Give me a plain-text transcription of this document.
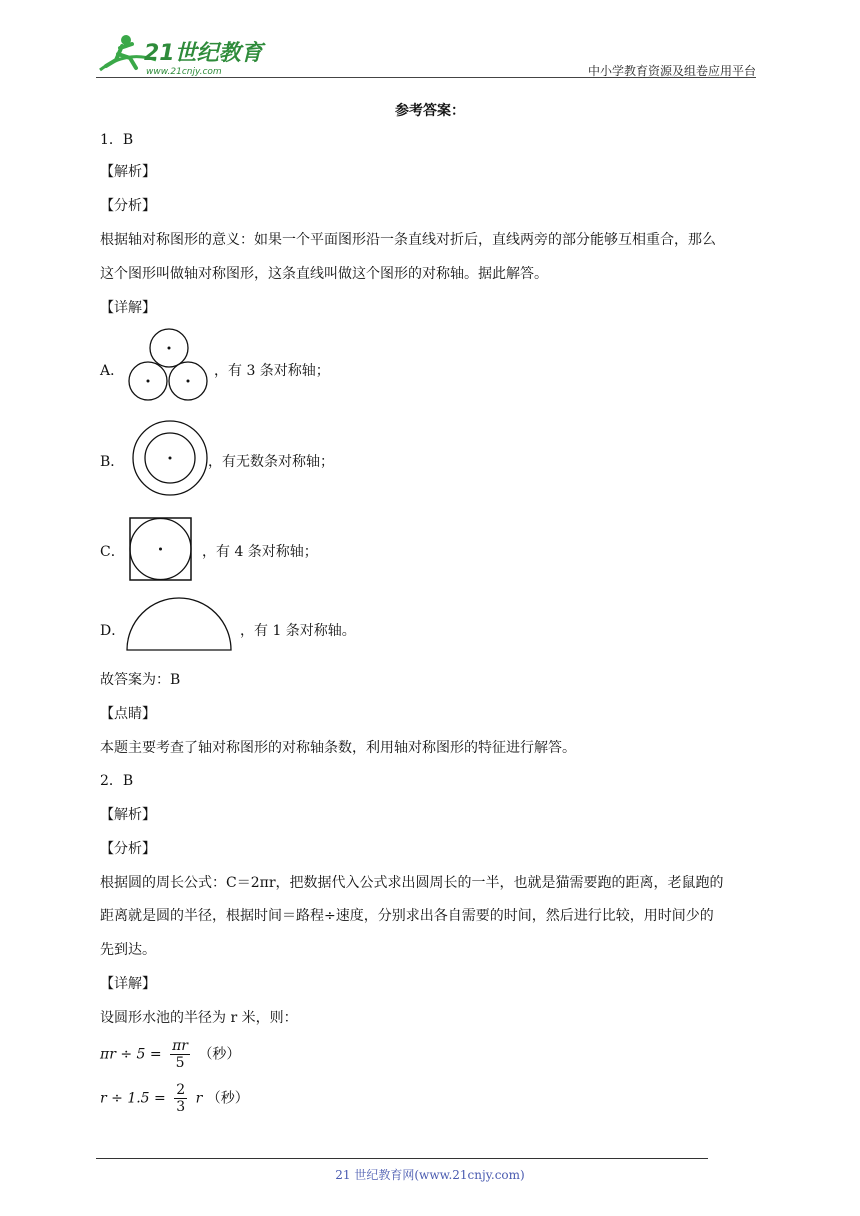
21世纪教育
www.21cnjy.com	中小学教育资源及组卷应用平台
参考答案：
1．B
【解析】
【分析】
根据轴对称图形的意义：如果一个平面图形沿一条直线对折后，直线两旁的部分能够互相重合，那么
这个图形叫做轴对称图形，这条直线叫做这个图形的对称轴。据此解答。
【详解】
A．	，有 3 条对称轴；
B．	，有无数条对称轴；
C．	，有 4 条对称轴；
D．	，有 1 条对称轴。
故答案为：B
【点睛】
本题主要考查了轴对称图形的对称轴条数，利用轴对称图形的特征进行解答。
2．B
【解析】
【分析】
根据圆的周长公式：C＝2πr，把数据代入公式求出圆周长的一半，也就是猫需要跑的距离，老鼠跑的
距离就是圆的半径，根据时间＝路程÷速度，分别求出各自需要的时间，然后进行比较，用时间少的
先到达。
【详解】
设圆形水池的半径为 r 米，则：
$\pi r \div 5 = \frac{\pi r}{5}$ （秒）
$r \div 1.5 = \frac{2}{3}$ r （秒）
21 世纪教育网(www.21cnjy.com)
